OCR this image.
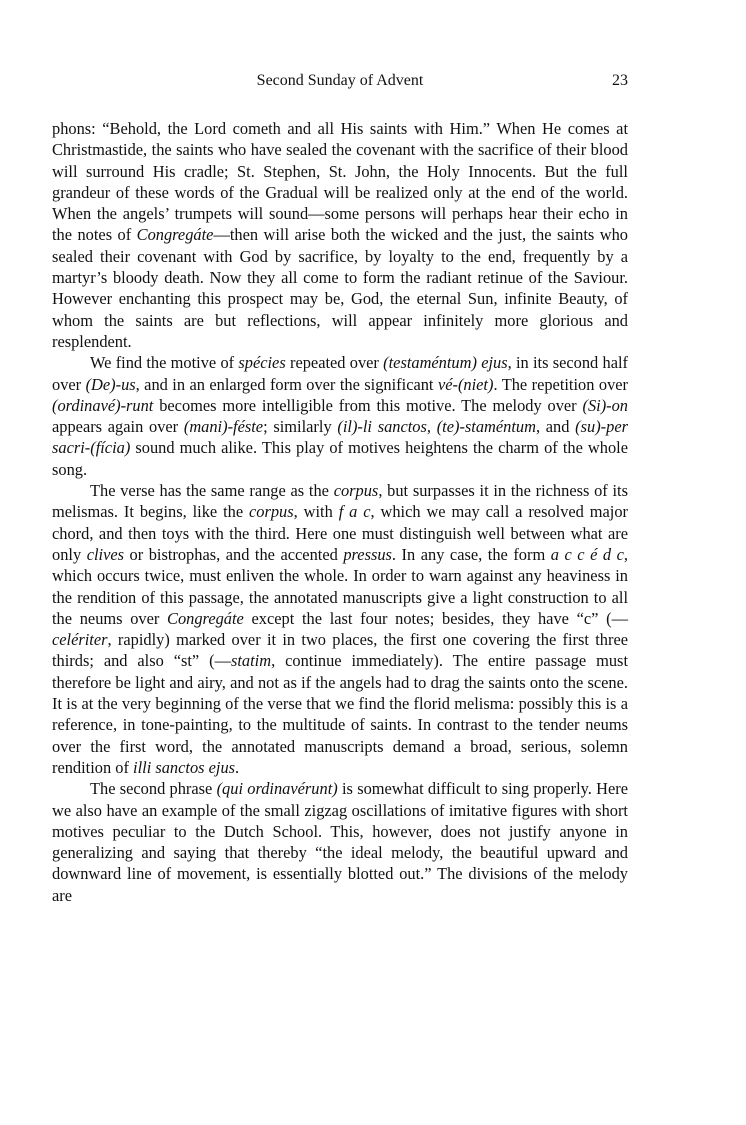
Second Sunday of Advent	23

phons: “Behold, the Lord cometh and all His saints with Him.” When He comes at Christmastide, the saints who have sealed the covenant with the sacrifice of their blood will surround His cradle; St. Stephen, St. John, the Holy Innocents. But the full grandeur of these words of the Gradual will be realized only at the end of the world. When the angels’ trumpets will sound—some persons will perhaps hear their echo in the notes of Congregáte—then will arise both the wicked and the just, the saints who sealed their covenant with God by sacrifice, by loyalty to the end, frequently by a martyr’s bloody death. Now they all come to form the radiant retinue of the Saviour. However enchanting this prospect may be, God, the eternal Sun, infinite Beauty, of whom the saints are but reflections, will appear infinitely more glorious and resplendent.

We find the motive of spécies repeated over (testaméntum) ejus, in its second half over (De)-us, and in an enlarged form over the significant vé-(niet). The repetition over (ordinavé)-runt becomes more intelligible from this motive. The melody over (Si)-on appears again over (mani)-féste; similarly (il)-li sanctos, (te)-staméntum, and (su)-per sacri-(fícia) sound much alike. This play of motives heightens the charm of the whole song.

The verse has the same range as the corpus, but surpasses it in the richness of its melismas. It begins, like the corpus, with f a c, which we may call a resolved major chord, and then toys with the third. Here one must distinguish well between what are only clives or bistrophas, and the accented pressus. In any case, the form a c c é d c, which occurs twice, must enliven the whole. In order to warn against any heaviness in the rendition of this passage, the annotated manuscripts give a light construction to all the neums over Congregáte except the last four notes; besides, they have “c” (—celériter, rapidly) marked over it in two places, the first one covering the first three thirds; and also “st” (—statim, continue immediately). The entire passage must therefore be light and airy, and not as if the angels had to drag the saints onto the scene. It is at the very beginning of the verse that we find the florid melisma: possibly this is a reference, in tone-painting, to the multitude of saints. In contrast to the tender neums over the first word, the annotated manuscripts demand a broad, serious, solemn rendition of illi sanctos ejus.

The second phrase (qui ordinavérunt) is somewhat difficult to sing properly. Here we also have an example of the small zigzag oscillations of imitative figures with short motives peculiar to the Dutch School. This, however, does not justify anyone in generalizing and saying that thereby “the ideal melody, the beautiful upward and downward line of movement, is essentially blotted out.” The divisions of the melody are
